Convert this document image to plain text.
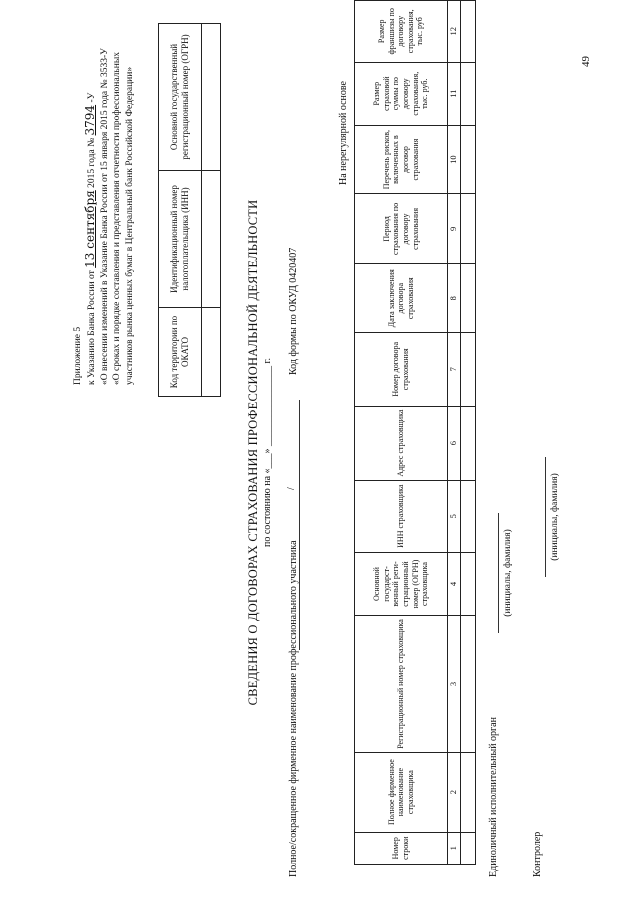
Приложение 5 к Указанию Банка России от 13 сентября 2015 года № 3794 -У «О внесении изменений в Указание Банка России от 15 января 2015 года № 3533-У «О сроках и порядке составления и представления отчетности профессиональных участников рынка ценных бумаг в Центральный банк Российской Федерации»	Код территории по ОКАТО	Идентификационный номер налогоплательщика (ИНН)	Основной государственный регистрационный номер (ОГРН)

СВЕДЕНИЯ О ДОГОВОРАХ СТРАХОВАНИЯ ПРОФЕССИОНАЛЬНОЙ ДЕЯТЕЛЬНОСТИ по состоянию на «___» ________________ г.
Полное/сокращенное фирменное наименование профессионального участника
/
Код формы по ОКУД 0420407
На нерегулярной основе
Номер строки	Полное фирменное наименование страховщика	Регистрационный номер страховщика	Основной государст-венный реги-страционный номер (ОГРН) страховщика	ИНН страховщика	Адрес страховщика	Номер договора страхования	Дата заключения договора страхования	Период страхования по договору страхования	Перечень рисков, включенных в договор страхования	Размер страховой суммы по договору страхования, тыс. руб.	Размер франшизы по договору страхования, тыс. руб
1	2	3	4	5	6	7	8	9	10	11	12

Единоличный исполнительный орган
(инициалы, фамилия)
Контролер
(инициалы, фамилия)
49
